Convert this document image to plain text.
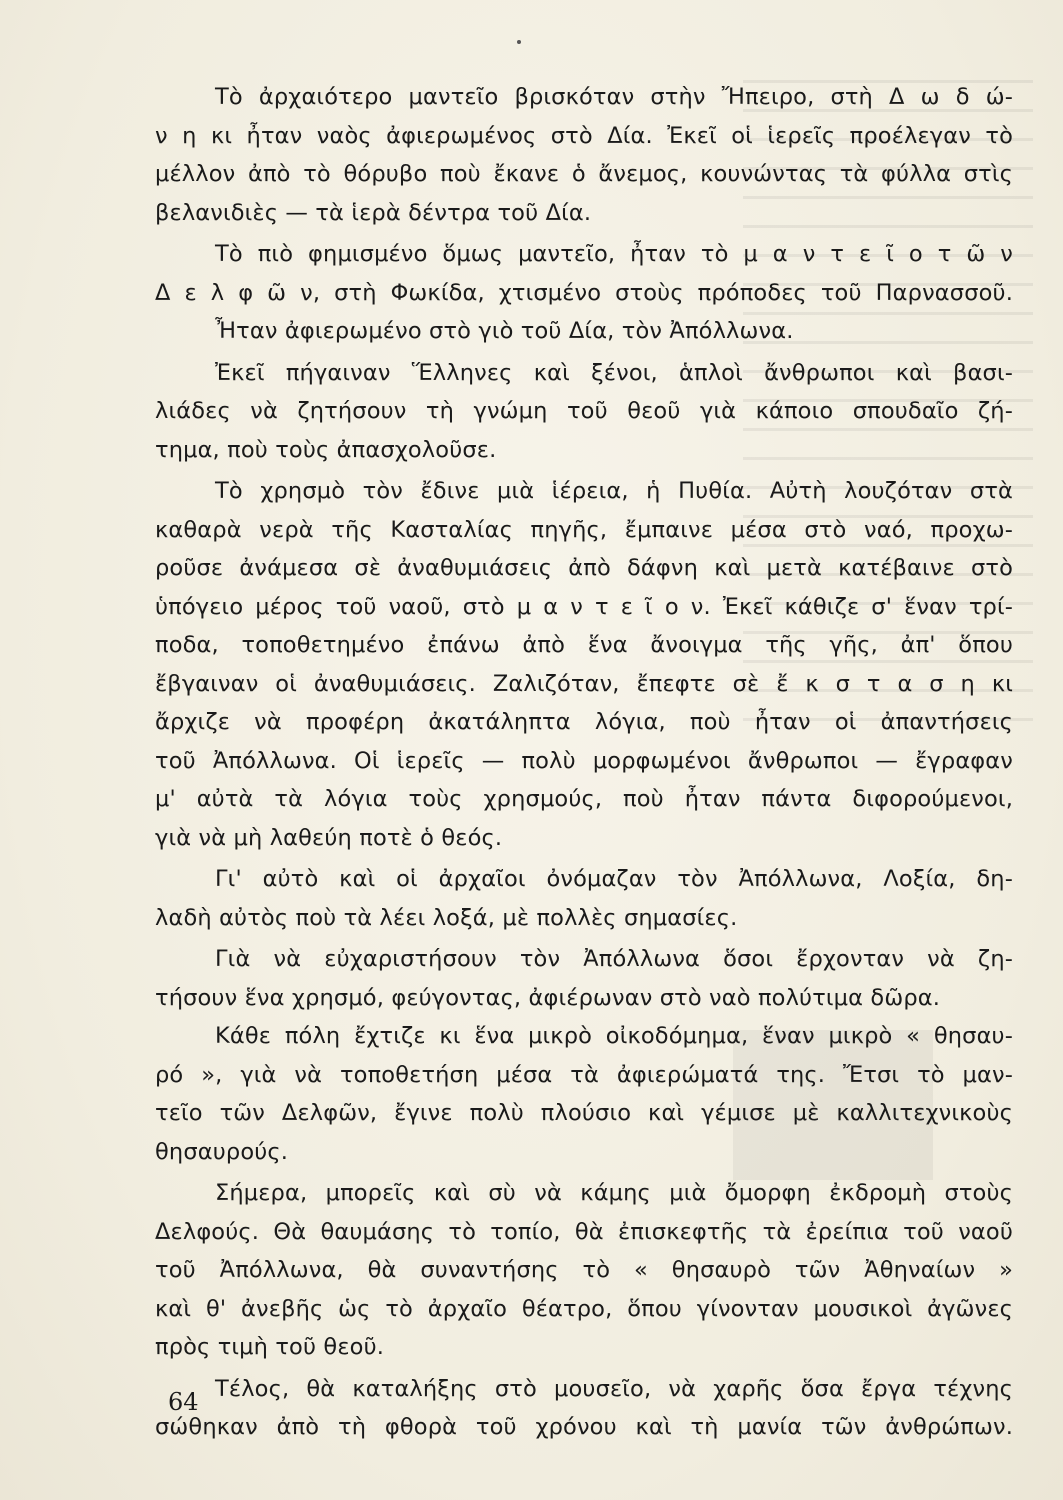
Τὸ ἀρχαιότερο μαντεῖο βρισκόταν στὴν Ἤπειρο, στὴ Δ ω δ ώ-
ν η κι ἦταν ναὸς ἀφιερωμένος στὸ Δία. Ἐκεῖ οἱ ἱερεῖς προέλεγαν τὸ
μέλλον ἀπὸ τὸ θόρυβο ποὺ ἔκανε ὁ ἄνεμος, κουνώντας τὰ φύλλα στὶς
βελανιδιὲς — τὰ ἱερὰ δέντρα τοῦ Δία.
Τὸ πιὸ φημισμένο ὅμως μαντεῖο, ἦταν τὸ μ α ν τ ε ῖ ο τ ῶ ν
Δ ε λ φ ῶ ν, στὴ Φωκίδα, χτισμένο στοὺς πρόποδες τοῦ Παρνασσοῦ.
Ἦταν ἀφιερωμένο στὸ γιὸ τοῦ Δία, τὸν Ἀπόλλωνα.
Ἐκεῖ πήγαιναν Ἕλληνες καὶ ξένοι, ἁπλοὶ ἄνθρωποι καὶ βασι-
λιάδες νὰ ζητήσουν τὴ γνώμη τοῦ θεοῦ γιὰ κάποιο σπουδαῖο ζή-
τημα, ποὺ τοὺς ἀπασχολοῦσε.
Τὸ χρησμὸ τὸν ἔδινε μιὰ ἱέρεια, ἡ Πυθία. Αὐτὴ λουζόταν στὰ
καθαρὰ νερὰ τῆς Κασταλίας πηγῆς, ἔμπαινε μέσα στὸ ναό, προχω-
ροῦσε ἀνάμεσα σὲ ἀναθυμιάσεις ἀπὸ δάφνη καὶ μετὰ κατέβαινε στὸ
ὑπόγειο μέρος τοῦ ναοῦ, στὸ μ α ν τ ε ῖ ο ν. Ἐκεῖ κάθιζε σ' ἕναν τρί-
ποδα, τοποθετημένο ἐπάνω ἀπὸ ἕνα ἄνοιγμα τῆς γῆς, ἀπ' ὅπου
ἔβγαιναν οἱ ἀναθυμιάσεις. Ζαλιζόταν, ἔπεφτε σὲ ἔ κ σ τ α σ η κι
ἄρχιζε νὰ προφέρη ἀκατάληπτα λόγια, ποὺ ἦταν οἱ ἀπαντήσεις
τοῦ Ἀπόλλωνα. Οἱ ἱερεῖς — πολὺ μορφωμένοι ἄνθρωποι — ἔγραφαν
μ' αὐτὰ τὰ λόγια τοὺς χρησμούς, ποὺ ἦταν πάντα διφορούμενοι,
γιὰ νὰ μὴ λαθεύη ποτὲ ὁ θεός.
Γι' αὐτὸ καὶ οἱ ἀρχαῖοι ὀνόμαζαν τὸν Ἀπόλλωνα, Λοξία, δη-
λαδὴ αὐτὸς ποὺ τὰ λέει λοξά, μὲ πολλὲς σημασίες.
Γιὰ νὰ εὐχαριστήσουν τὸν Ἀπόλλωνα ὅσοι ἔρχονταν νὰ ζη-
τήσουν ἕνα χρησμό, φεύγοντας, ἀφιέρωναν στὸ ναὸ πολύτιμα δῶρα.
Κάθε πόλη ἔχτιζε κι ἕνα μικρὸ οἰκοδόμημα, ἕναν μικρὸ « θησαυ-
ρό », γιὰ νὰ τοποθετήση μέσα τὰ ἀφιερώματά της. Ἔτσι τὸ μαν-
τεῖο τῶν Δελφῶν, ἔγινε πολὺ πλούσιο καὶ γέμισε μὲ καλλιτεχνικοὺς
θησαυρούς.
Σήμερα, μπορεῖς καὶ σὺ νὰ κάμης μιὰ ὄμορφη ἐκδρομὴ στοὺς
Δελφούς. Θὰ θαυμάσης τὸ τοπίο, θὰ ἐπισκεφτῆς τὰ ἐρείπια τοῦ ναοῦ
τοῦ Ἀπόλλωνα, θὰ συναντήσης τὸ « θησαυρὸ τῶν Ἀθηναίων »
καὶ θ' ἀνεβῆς ὡς τὸ ἀρχαῖο θέατρο, ὅπου γίνονταν μουσικοὶ ἀγῶνες
πρὸς τιμὴ τοῦ θεοῦ.
Τέλος, θὰ καταλήξης στὸ μουσεῖο, νὰ χαρῆς ὅσα ἔργα τέχνης
σώθηκαν ἀπὸ τὴ φθορὰ τοῦ χρόνου καὶ τὴ μανία τῶν ἀνθρώπων.
64
